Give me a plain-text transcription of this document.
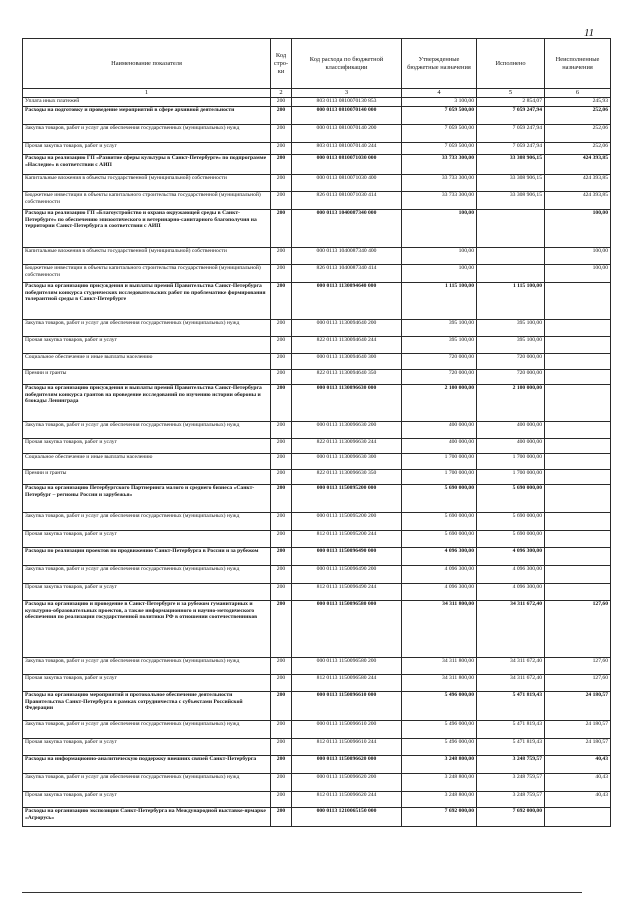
11
Наименование показателя	Код стро- ки	Код расхода по бюджетной классификации	Утвержденные бюджетные назначения	Исполнено	Неисполненные назначения
1	2	3	4	5	6
Уплата иных платежей	200	803 0113 0810070130 853	3 100,00	2 854,07	245,93
Расходы на подготовку и проведение мероприятий в сфере архивной деятельности	200	000 0113 0810070140 000	7 059 500,00	7 059 247,94	252,06
Закупка товаров, работ и услуг для обеспечения государственных (муниципальных) нужд	200	000 0113 0810070140 200	7 059 500,00	7 059 247,94	252,06
Прочая закупка товаров, работ и услуг	200	803 0113 0810070140 244	7 059 500,00	7 059 247,94	252,06
Расходы на реализацию ГП «Развитие сферы культуры в Санкт-Петербурге» по подпрограмме «Наследие» в соответствии с АИП	200	000 0113 0810071030 000	33 733 300,00	33 308 906,15	424 393,85
Капитальные вложения в объекты государственной (муниципальной) собственности	200	000 0113 0810071030 400	33 733 300,00	33 308 906,15	424 393,85
Бюджетные инвестиции в объекты капитального строительства государственной (муниципальной) собственности	200	826 0113 0810071030 414	33 733 300,00	33 308 906,15	424 393,85
Расходы на реализацию ГП «Благоустройство и охрана окружающей среды в Санкт-Петербурге» по обеспечению эпизоотического и ветеринарно-санитарного благополучия на территории Санкт-Петербурга в соответствии с АИП	200	000 0113 1040087340 000	100,00		100,00
Капитальные вложения в объекты государственной (муниципальной) собственности	200	000 0113 1040087340 400	100,00		100,00
Бюджетные инвестиции в объекты капитального строительства государственной (муниципальной) собственности	200	826 0113 1040087340 414	100,00		100,00
Расходы на организацию присуждения и выплаты премий Правительства Санкт-Петербурга победителям конкурса студенческих исследовательских работ по проблематике формирования толерантной среды в Санкт-Петербурге	200	000 0113 1130094640 000	1 115 100,00	1 115 100,00	
Закупка товаров, работ и услуг для обеспечения государственных (муниципальных) нужд	200	000 0113 1130094640 200	395 100,00	395 100,00	
Прочая закупка товаров, работ и услуг	200	822 0113 1130094640 244	395 100,00	395 100,00	
Социальное обеспечение и иные выплаты населению	200	000 0113 1130094640 300	720 000,00	720 000,00	
Премии и гранты	200	822 0113 1130094640 350	720 000,00	720 000,00	
Расходы на организацию присуждения и выплаты премий Правительства Санкт-Петербурга победителям конкурса грантов на проведение исследований по изучению истории обороны и блокады Ленинграда	200	000 0113 1130096630 000	2 100 000,00	2 100 000,00	
Закупка товаров, работ и услуг для обеспечения государственных (муниципальных) нужд	200	000 0113 1130096630 200	400 000,00	400 000,00	
Прочая закупка товаров, работ и услуг	200	822 0113 1130096630 244	400 000,00	400 000,00	
Социальное обеспечение и иные выплаты населению	200	000 0113 1130096630 300	1 700 000,00	1 700 000,00	
Премии и гранты	200	822 0113 1130096630 350	1 700 000,00	1 700 000,00	
Расходы на организацию Петербургского Партнеринга малого и среднего бизнеса «Санкт-Петербург – регионы России и зарубежья»	200	000 0113 1150095200 000	5 690 000,00	5 690 000,00	
Закупка товаров, работ и услуг для обеспечения государственных (муниципальных) нужд	200	000 0113 1150095200 200	5 690 000,00	5 690 000,00	
Прочая закупка товаров, работ и услуг	200	812 0113 1150095200 244	5 690 000,00	5 690 000,00	
Расходы по реализации проектов по продвижению Санкт-Петербурга в России и за рубежом	200	000 0113 1150096490 000	4 096 300,00	4 096 300,00	
Закупка товаров, работ и услуг для обеспечения государственных (муниципальных) нужд	200	000 0113 1150096490 200	4 096 300,00	4 096 300,00	
Прочая закупка товаров, работ и услуг	200	812 0113 1150096490 244	4 096 300,00	4 096 300,00	
Расходы на организацию и проведение в Санкт-Петербурге и за рубежом гуманитарных и культурно-образовательных проектов, а также информационного и научно-методического обеспечения по реализации государственной политики РФ в отношении соотечественников	200	000 0113 1150096580 000	34 311 800,00	34 311 672,40	127,60
Закупка товаров, работ и услуг для обеспечения государственных (муниципальных) нужд	200	000 0113 1150096580 200	34 311 800,00	34 311 672,40	127,60
Прочая закупка товаров, работ и услуг	200	812 0113 1150096580 244	34 311 800,00	34 311 672,40	127,60
Расходы на организацию мероприятий и протокольное обеспечение деятельности Правительства Санкт-Петербурга в рамках сотрудничества с субъектами Российской Федерации	200	000 0113 1150096610 000	5 496 000,00	5 471 819,43	24 180,57
Закупка товаров, работ и услуг для обеспечения государственных (муниципальных) нужд	200	000 0113 1150096610 200	5 496 000,00	5 471 819,43	24 180,57
Прочая закупка товаров, работ и услуг	200	812 0113 1150096610 244	5 496 000,00	5 471 819,43	24 180,57
Расходы на информационно-аналитическую поддержку внешних связей Санкт-Петербурга	200	000 0113 1150096620 000	3 248 800,00	3 248 759,57	40,43
Закупка товаров, работ и услуг для обеспечения государственных (муниципальных) нужд	200	000 0113 1150096620 200	3 248 800,00	3 248 759,57	40,43
Прочая закупка товаров, работ и услуг	200	812 0113 1150096620 244	3 248 800,00	3 248 759,57	40,43
Расходы на организацию экспозиции Санкт-Петербурга на Международной выставке-ярмарке «Агрорусь»	200	000 0113 1210065150 000	7 692 000,00	7 692 000,00	
